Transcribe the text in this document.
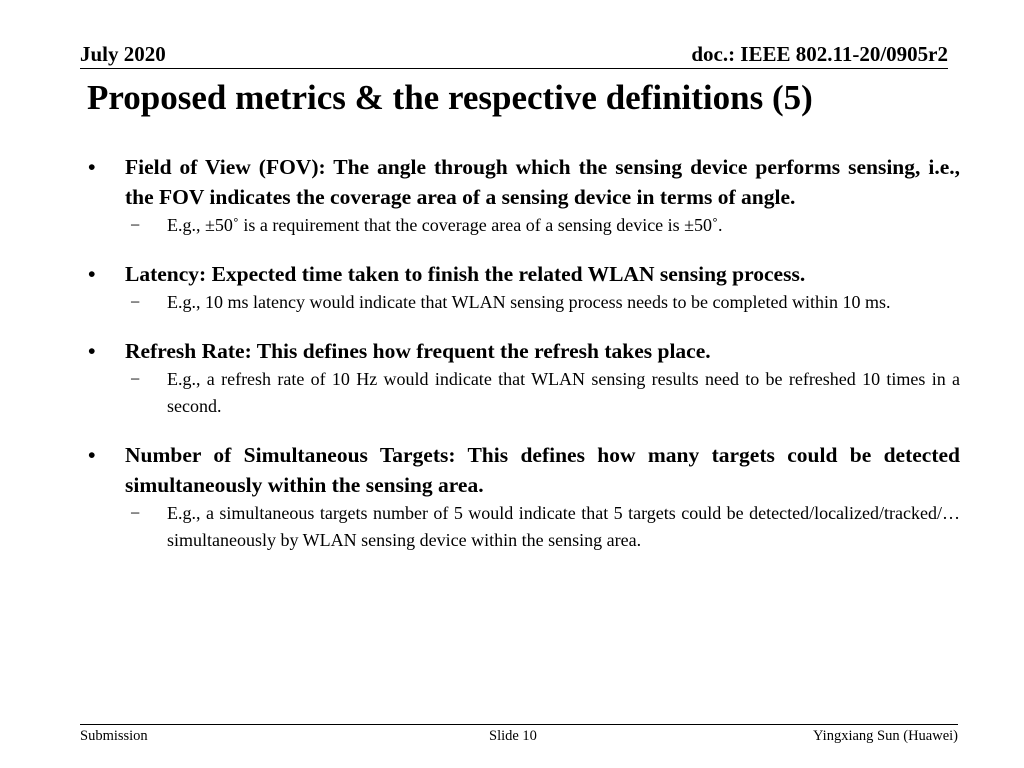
July 2020	doc.: IEEE 802.11-20/0905r2
Proposed metrics & the respective definitions (5)
• Field of View (FOV): The angle through which the sensing device performs sensing, i.e., the FOV indicates the coverage area of a sensing device in terms of angle.
− E.g., ±50˚ is a requirement that the coverage area of a sensing device is ±50˚.
• Latency: Expected time taken to finish the related WLAN sensing process.
− E.g., 10 ms latency would indicate that WLAN sensing process needs to be completed within 10 ms.
• Refresh Rate: This defines how frequent the refresh takes place.
− E.g., a refresh rate of 10 Hz would indicate that WLAN sensing results need to be refreshed 10 times in a second.
• Number of Simultaneous Targets: This defines how many targets could be detected simultaneously within the sensing area.
− E.g., a simultaneous targets number of 5 would indicate that 5 targets could be detected/localized/tracked/… simultaneously by WLAN sensing device within the sensing area.
Submission	Slide 10	Yingxiang Sun (Huawei)
